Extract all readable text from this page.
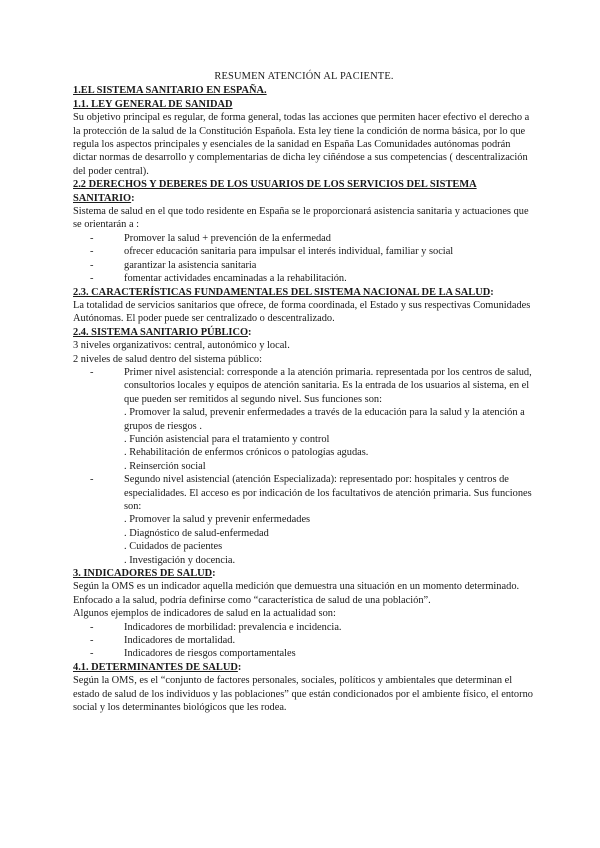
RESUMEN ATENCIÓN AL PACIENTE.

1.EL SISTEMA SANITARIO EN ESPAÑA.

1.1. LEY GENERAL DE SANIDAD

Su objetivo principal es regular, de forma general, todas las acciones que permiten hacer efectivo el derecho a la protección de la salud de la Constitución Española. Esta ley tiene la condición de norma básica, por lo que regula los aspectos principales y esenciales de la sanidad en España Las Comunidades autónomas podrán dictar normas de desarrollo y complementarias de dicha ley ciñéndose a sus competencias ( descentralización del poder central).

2.2 DERECHOS Y DEBERES DE LOS USUARIOS DE LOS SERVICIOS DEL SISTEMA SANITARIO:

Sistema de salud en el que todo residente en España se le proporcionará asistencia sanitaria y actuaciones que se orientarán a :

- Promover la salud + prevención de la enfermedad
- ofrecer educación sanitaria para impulsar el interés individual, familiar y social
- garantizar la asistencia sanitaria
- fomentar actividades encaminadas a la rehabilitación.

2.3. CARACTERÍSTICAS FUNDAMENTALES DEL SISTEMA NACIONAL DE LA SALUD:

La totalidad de servicios sanitarios que ofrece, de forma coordinada, el Estado y sus respectivas Comunidades Autónomas. El poder puede ser centralizado o descentralizado.

2.4. SISTEMA SANITARIO PÚBLICO:

3 niveles organizativos: central, autonómico y local.

2 niveles de salud dentro del sistema público:

- Primer nivel asistencial: corresponde a la atención primaria. representada por los centros de salud, consultorios locales y equipos de atención sanitaria. Es la entrada de los usuarios al sistema, en el que pueden ser remitidos al segundo nivel. Sus funciones son:
. Promover la salud, prevenir enfermedades a través de la educación para la salud y la atención a grupos de riesgos .
. Función asistencial para el tratamiento y control
. Rehabilitación de enfermos crónicos o patologías agudas.
. Reinserción social
- Segundo nivel asistencial (atención Especializada): representado por: hospitales y centros de especialidades. El acceso es por indicación de los facultativos de atención primaria. Sus funciones son:
. Promover la salud y prevenir enfermedades
. Diagnóstico de salud-enfermedad
. Cuidados de pacientes
. Investigación y docencia.

3. INDICADORES DE SALUD:

Según la OMS es un indicador aquella medición que demuestra una situación en un momento determinado. Enfocado a la salud, podría definirse como “característica de salud de una población”.

Algunos ejemplos de indicadores de salud en la actualidad son:

- Indicadores de morbilidad: prevalencia e incidencia.
- Indicadores de mortalidad.
- Indicadores de riesgos comportamentales

4.1. DETERMINANTES DE SALUD:

Según la OMS, es el “conjunto de factores personales, sociales, políticos y ambientales que determinan el estado de salud de los individuos y las poblaciones” que están condicionados por el ambiente físico, el entorno social y los determinantes biológicos que les rodea.
